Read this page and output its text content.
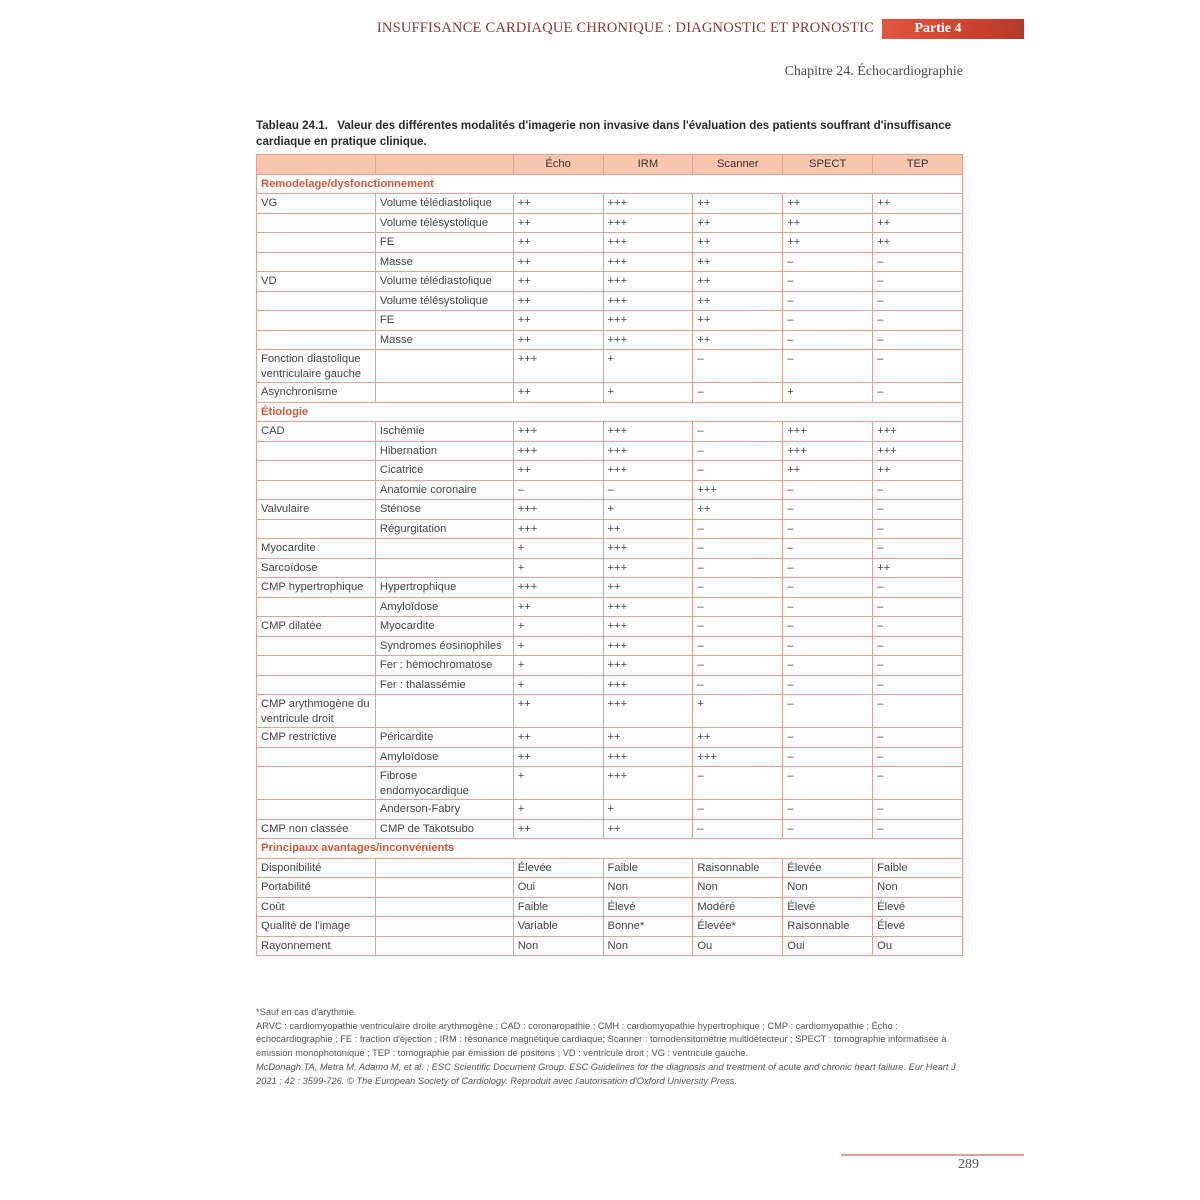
INSUFFISANCE CARDIAQUE CHRONIQUE : DIAGNOSTIC ET PRONOSTIC	Partie 4
Chapitre 24. Échocardiographie
Tableau 24.1. Valeur des différentes modalités d'imagerie non invasive dans l'évaluation des patients souffrant d'insuffisance cardiaque en pratique clinique.
		Écho	IRM	Scanner	SPECT	TEP
Remodelage/dysfonctionnement						
VG	Volume télédiastolique	++	+++	++	++	++
	Volume télésystolique	++	+++	++	++	++
	FE	++	+++	++	++	++
	Masse	++	+++	++	–	–
VD	Volume télédiastolique	++	+++	++	–	–
	Volume télésystolique	++	+++	++	–	–
	FE	++	+++	++	–	–
	Masse	++	+++	++	–	–
Fonction diastolique ventriculaire gauche		+++	+	–	–	–
Asynchronisme		++	+	–	+	–
Étiologie						
CAD	Ischémie	+++	+++	–	+++	+++
	Hibernation	+++	+++	–	+++	+++
	Cicatrice	++	+++	–	++	++
	Anatomie coronaire	–	–	+++	–	–
Valvulaire	Sténose	+++	+	++	–	–
	Régurgitation	+++	++	–	–	–
Myocardite		+	+++	–	–	–
Sarcoïdose		+	+++	–	–	++
CMP hypertrophique	Hypertrophique	+++	++	–	–	–
	Amyloïdose	++	+++	–	–	–
CMP dilatée	Myocardite	+	+++	–	–	–
	Syndromes éosinophiles	+	+++	–	–	–
	Fer : hémochromatose	+	+++	–	–	–
	Fer : thalassémie	+	+++	–	–	–
CMP arythmogène du ventricule droit		++	+++	+	–	–
CMP restrictive	Péricardite	++	++	++	–	–
	Amyloïdose	++	+++	+++	–	–
	Fibrose endomyocardique	+	+++	–	–	–
	Anderson-Fabry	+	+	–	–	–
CMP non classée	CMP de Takotsubo	++	++	–	–	–
Principaux avantages/inconvénients						
Disponibilité		Élevée	Faible	Raisonnable	Élevée	Faible
Portabilité		Oui	Non	Non	Non	Non
Coût		Faible	Élevé	Modéré	Élevé	Élevé
Qualité de l'image		Variable	Bonne*	Élevée*	Raisonnable	Élevé
Rayonnement		Non	Non	Ou	Oui	Ou
*Sauf en cas d'arythmie.
ARVC : cardiomyopathie ventriculaire droite arythmogène ; CAD : coronaropathie ; CMH : cardiomyopathie hypertrophique ; CMP : cardiomyopathie ; Écho : échocardiographie ; FE : fraction d'éjection ; IRM : résonance magnétique cardiaque; Scanner : tomodensitométrie multidétecteur ; SPECT : tomographie informatisée à émission monophotonique ; TEP : tomographie par émission de positons ; VD : ventricule droit ; VG : ventricule gauche.
McDonagh TA, Metra M, Adamo M, et al. ; ESC Scientific Document Group. ESC Guidelines for the diagnosis and treatment of acute and chronic heart failure. Eur Heart J 2021 ; 42 : 3599-726. © The European Society of Cardiology. Reproduit avec l'autorisation d'Oxford University Press.
289
